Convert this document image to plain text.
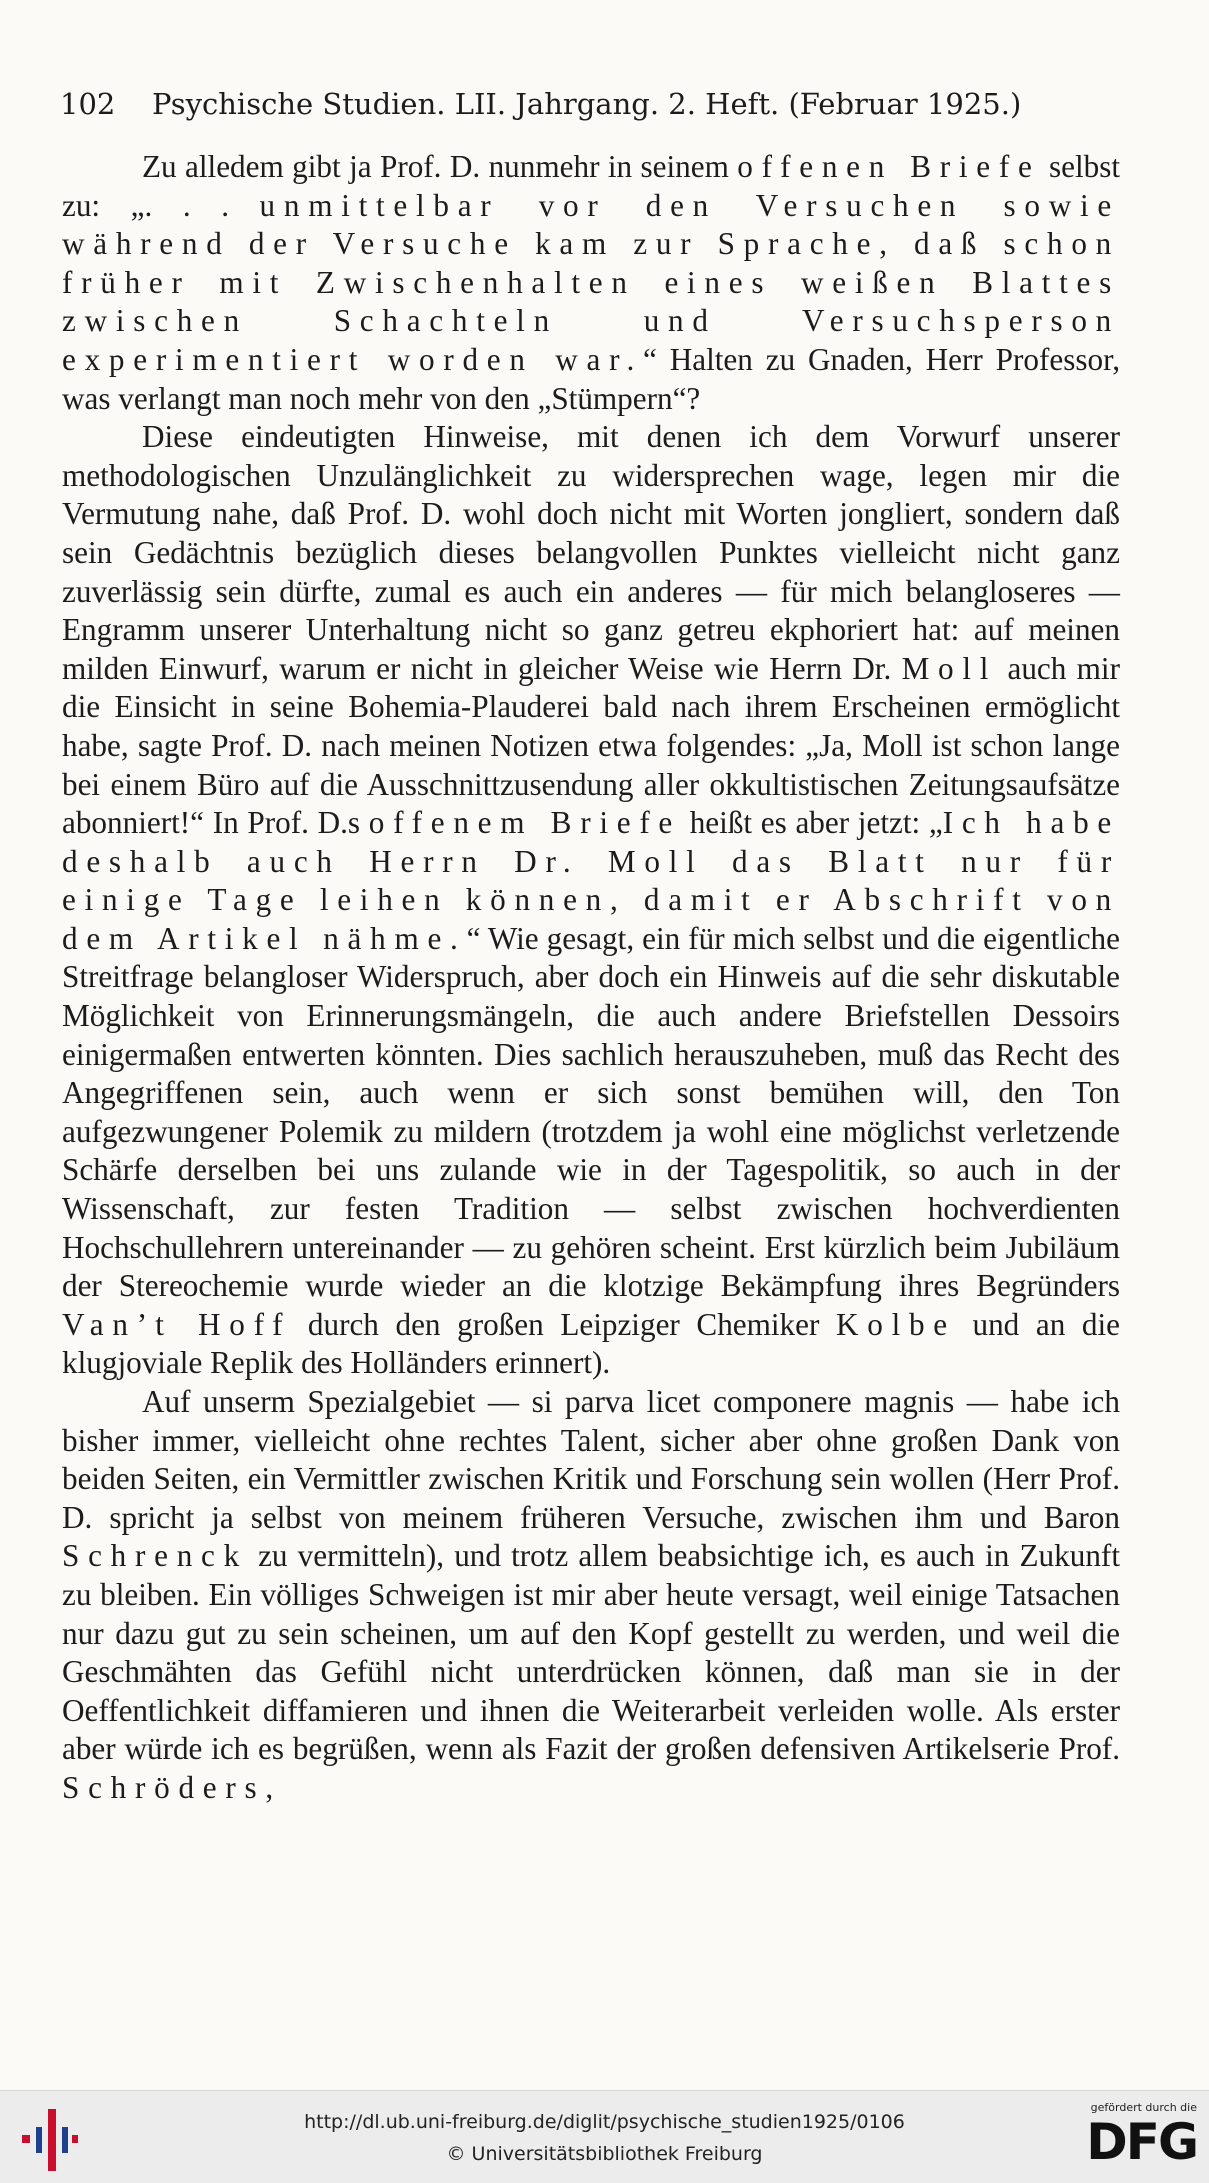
102 Psychische Studien. LII. Jahrgang. 2. Heft. (Februar 1925.)

Zu alledem gibt ja Prof. D. nunmehr in seinem offenen Briefe selbst zu: „. . . unmittelbar vor den Versuchen sowie während der Versuche kam zur Sprache, daß schon früher mit Zwischenhalten eines weißen Blattes zwischen Schachteln und Versuchsperson experimentiert worden war.“ Halten zu Gnaden, Herr Professor, was verlangt man noch mehr von den „Stümpern“?

Diese eindeutigten Hinweise, mit denen ich dem Vorwurf unserer methodologischen Unzulänglichkeit zu widersprechen wage, legen mir die Vermutung nahe, daß Prof. D. wohl doch nicht mit Worten jongliert, sondern daß sein Gedächtnis bezüglich dieses belangvollen Punktes vielleicht nicht ganz zuverlässig sein dürfte, zumal es auch ein anderes — für mich belangloseres — Engramm unserer Unterhaltung nicht so ganz getreu ekphoriert hat: auf meinen milden Einwurf, warum er nicht in gleicher Weise wie Herrn Dr. Moll auch mir die Einsicht in seine Bohemia-Plauderei bald nach ihrem Erscheinen ermöglicht habe, sagte Prof. D. nach meinen Notizen etwa folgendes: „Ja, Moll ist schon lange bei einem Büro auf die Ausschnittzusendung aller okkultistischen Zeitungsaufsätze abonniert!“ In Prof. D.s offenem Briefe heißt es aber jetzt: „Ich habe deshalb auch Herrn Dr. Moll das Blatt nur für einige Tage leihen können, damit er Abschrift von dem Artikel nähme.“ Wie gesagt, ein für mich selbst und die eigentliche Streitfrage belangloser Widerspruch, aber doch ein Hinweis auf die sehr diskutable Möglichkeit von Erinnerungsmängeln, die auch andere Briefstellen Dessoirs einigermaßen entwerten könnten. Dies sachlich herauszuheben, muß das Recht des Angegriffenen sein, auch wenn er sich sonst bemühen will, den Ton aufgezwungener Polemik zu mildern (trotzdem ja wohl eine möglichst verletzende Schärfe derselben bei uns zulande wie in der Tagespolitik, so auch in der Wissenschaft, zur festen Tradition — selbst zwischen hochverdienten Hochschullehrern untereinander — zu gehören scheint. Erst kürzlich beim Jubiläum der Stereochemie wurde wieder an die klotzige Bekämpfung ihres Begründers Van’t Hoff durch den großen Leipziger Chemiker Kolbe und an die klugjoviale Replik des Holländers erinnert).

Auf unserm Spezialgebiet — si parva licet componere magnis — habe ich bisher immer, vielleicht ohne rechtes Talent, sicher aber ohne großen Dank von beiden Seiten, ein Vermittler zwischen Kritik und Forschung sein wollen (Herr Prof. D. spricht ja selbst von meinem früheren Versuche, zwischen ihm und Baron Schrenck zu vermitteln), und trotz allem beabsichtige ich, es auch in Zukunft zu bleiben. Ein völliges Schweigen ist mir aber heute versagt, weil einige Tatsachen nur dazu gut zu sein scheinen, um auf den Kopf gestellt zu werden, und weil die Geschmähten das Gefühl nicht unterdrücken können, daß man sie in der Oeffentlichkeit diffamieren und ihnen die Weiterarbeit verleiden wolle. Als erster aber würde ich es begrüßen, wenn als Fazit der großen defensiven Artikelserie Prof. Schröders,

http://dl.ub.uni-freiburg.de/diglit/psychische_studien1925/0106
© Universitätsbibliothek Freiburg
gefördert durch die
DFG
